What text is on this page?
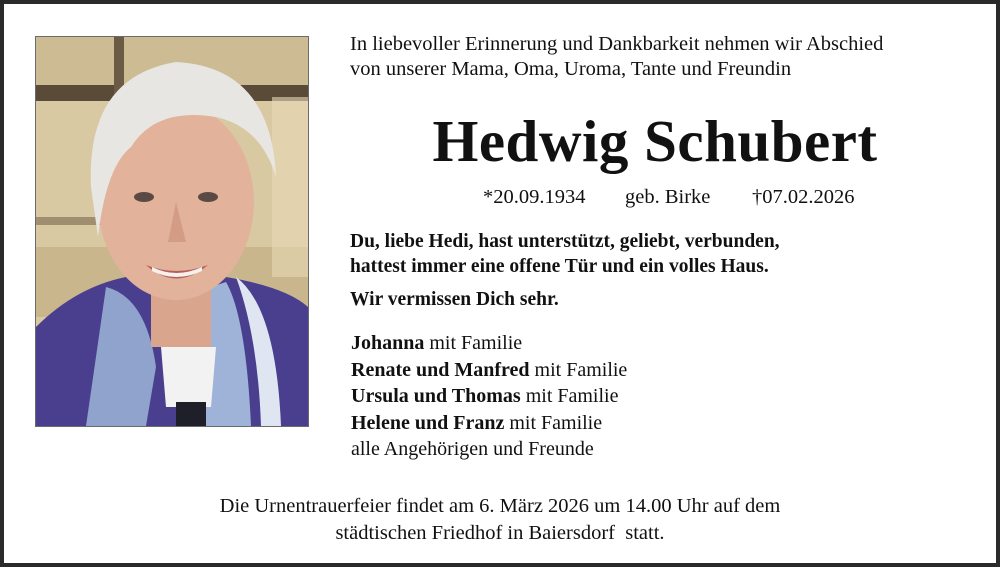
In liebevoller Erinnerung und Dankbarkeit nehmen wir Abschied
von unserer Mama, Oma, Uroma, Tante und Freundin
Hedwig Schubert
*20.09.1934 geb. Birke †07.02.2026

Du, liebe Hedi, hast unterstützt, geliebt, verbunden,

hattest immer eine offene Tür und ein volles Haus.

Wir vermissen Dich sehr.

Johanna mit Familie
Renate und Manfred mit Familie
Ursula und Thomas mit Familie
Helene und Franz mit Familie
alle Angehörigen und Freunde
Die Urnentrauerfeier findet am 6. März 2026 um 14.00 Uhr auf dem
städtischen Friedhof in Baiersdorf  statt.
